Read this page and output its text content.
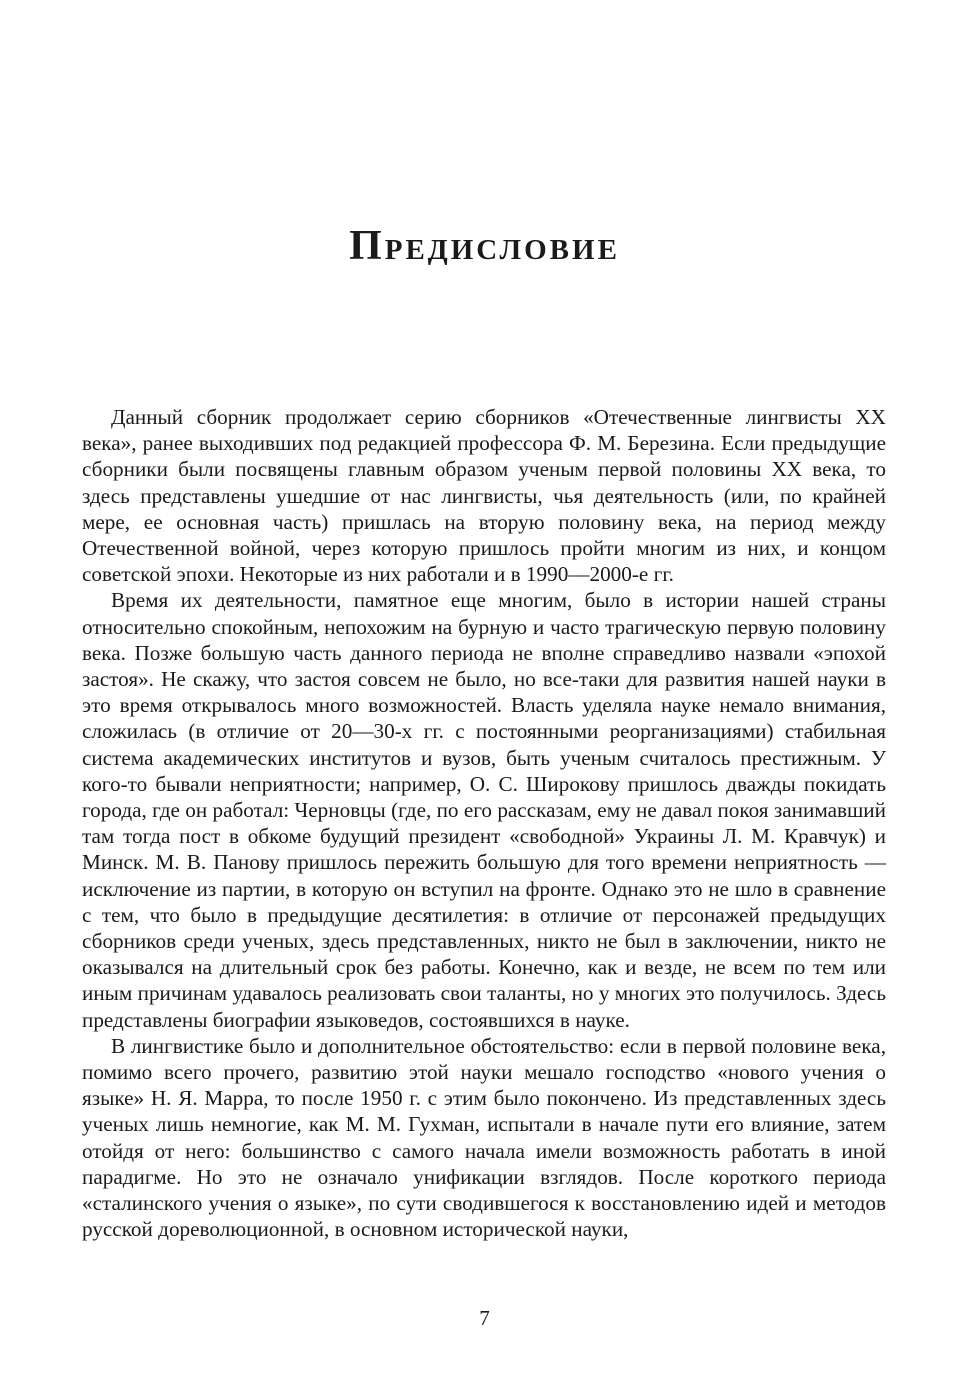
Предисловие

Данный сборник продолжает серию сборников «Отечественные лингвисты XX века», ранее выходивших под редакцией профессора Ф. М. Березина. Если предыдущие сборники были посвящены главным образом ученым первой половины XX века, то здесь представлены ушедшие от нас лингвисты, чья деятельность (или, по крайней мере, ее основная часть) пришлась на вторую половину века, на период между Отечественной войной, через которую пришлось пройти многим из них, и концом советской эпохи. Некоторые из них работали и в 1990—2000-е гг.

Время их деятельности, памятное еще многим, было в истории нашей страны относительно спокойным, непохожим на бурную и часто трагическую первую половину века. Позже большую часть данного периода не вполне справедливо назвали «эпохой застоя». Не скажу, что застоя совсем не было, но все-таки для развития нашей науки в это время открывалось много возможностей. Власть уделяла науке немало внимания, сложилась (в отличие от 20—30-х гг. с постоянными реорганизациями) стабильная система академических институтов и вузов, быть ученым считалось престижным. У кого-то бывали неприятности; например, О. С. Широкову пришлось дважды покидать города, где он работал: Черновцы (где, по его рассказам, ему не давал покоя занимавший там тогда пост в обкоме будущий президент «свободной» Украины Л. М. Кравчук) и Минск. М. В. Панову пришлось пережить большую для того времени неприятность — исключение из партии, в которую он вступил на фронте. Однако это не шло в сравнение с тем, что было в предыдущие десятилетия: в отличие от персонажей предыдущих сборников среди ученых, здесь представленных, никто не был в заключении, никто не оказывался на длительный срок без работы. Конечно, как и везде, не всем по тем или иным причинам удавалось реализовать свои таланты, но у многих это получилось. Здесь представлены биографии языковедов, состоявшихся в науке.

В лингвистике было и дополнительное обстоятельство: если в первой половине века, помимо всего прочего, развитию этой науки мешало господство «нового учения о языке» Н. Я. Марра, то после 1950 г. с этим было покончено. Из представленных здесь ученых лишь немногие, как М. М. Гухман, испытали в начале пути его влияние, затем отойдя от него: большинство с самого начала имели возможность работать в иной парадигме. Но это не означало унификации взглядов. После короткого периода «сталинского учения о языке», по сути сводившегося к восстановлению идей и методов русской дореволюционной, в основном исторической науки,

7
